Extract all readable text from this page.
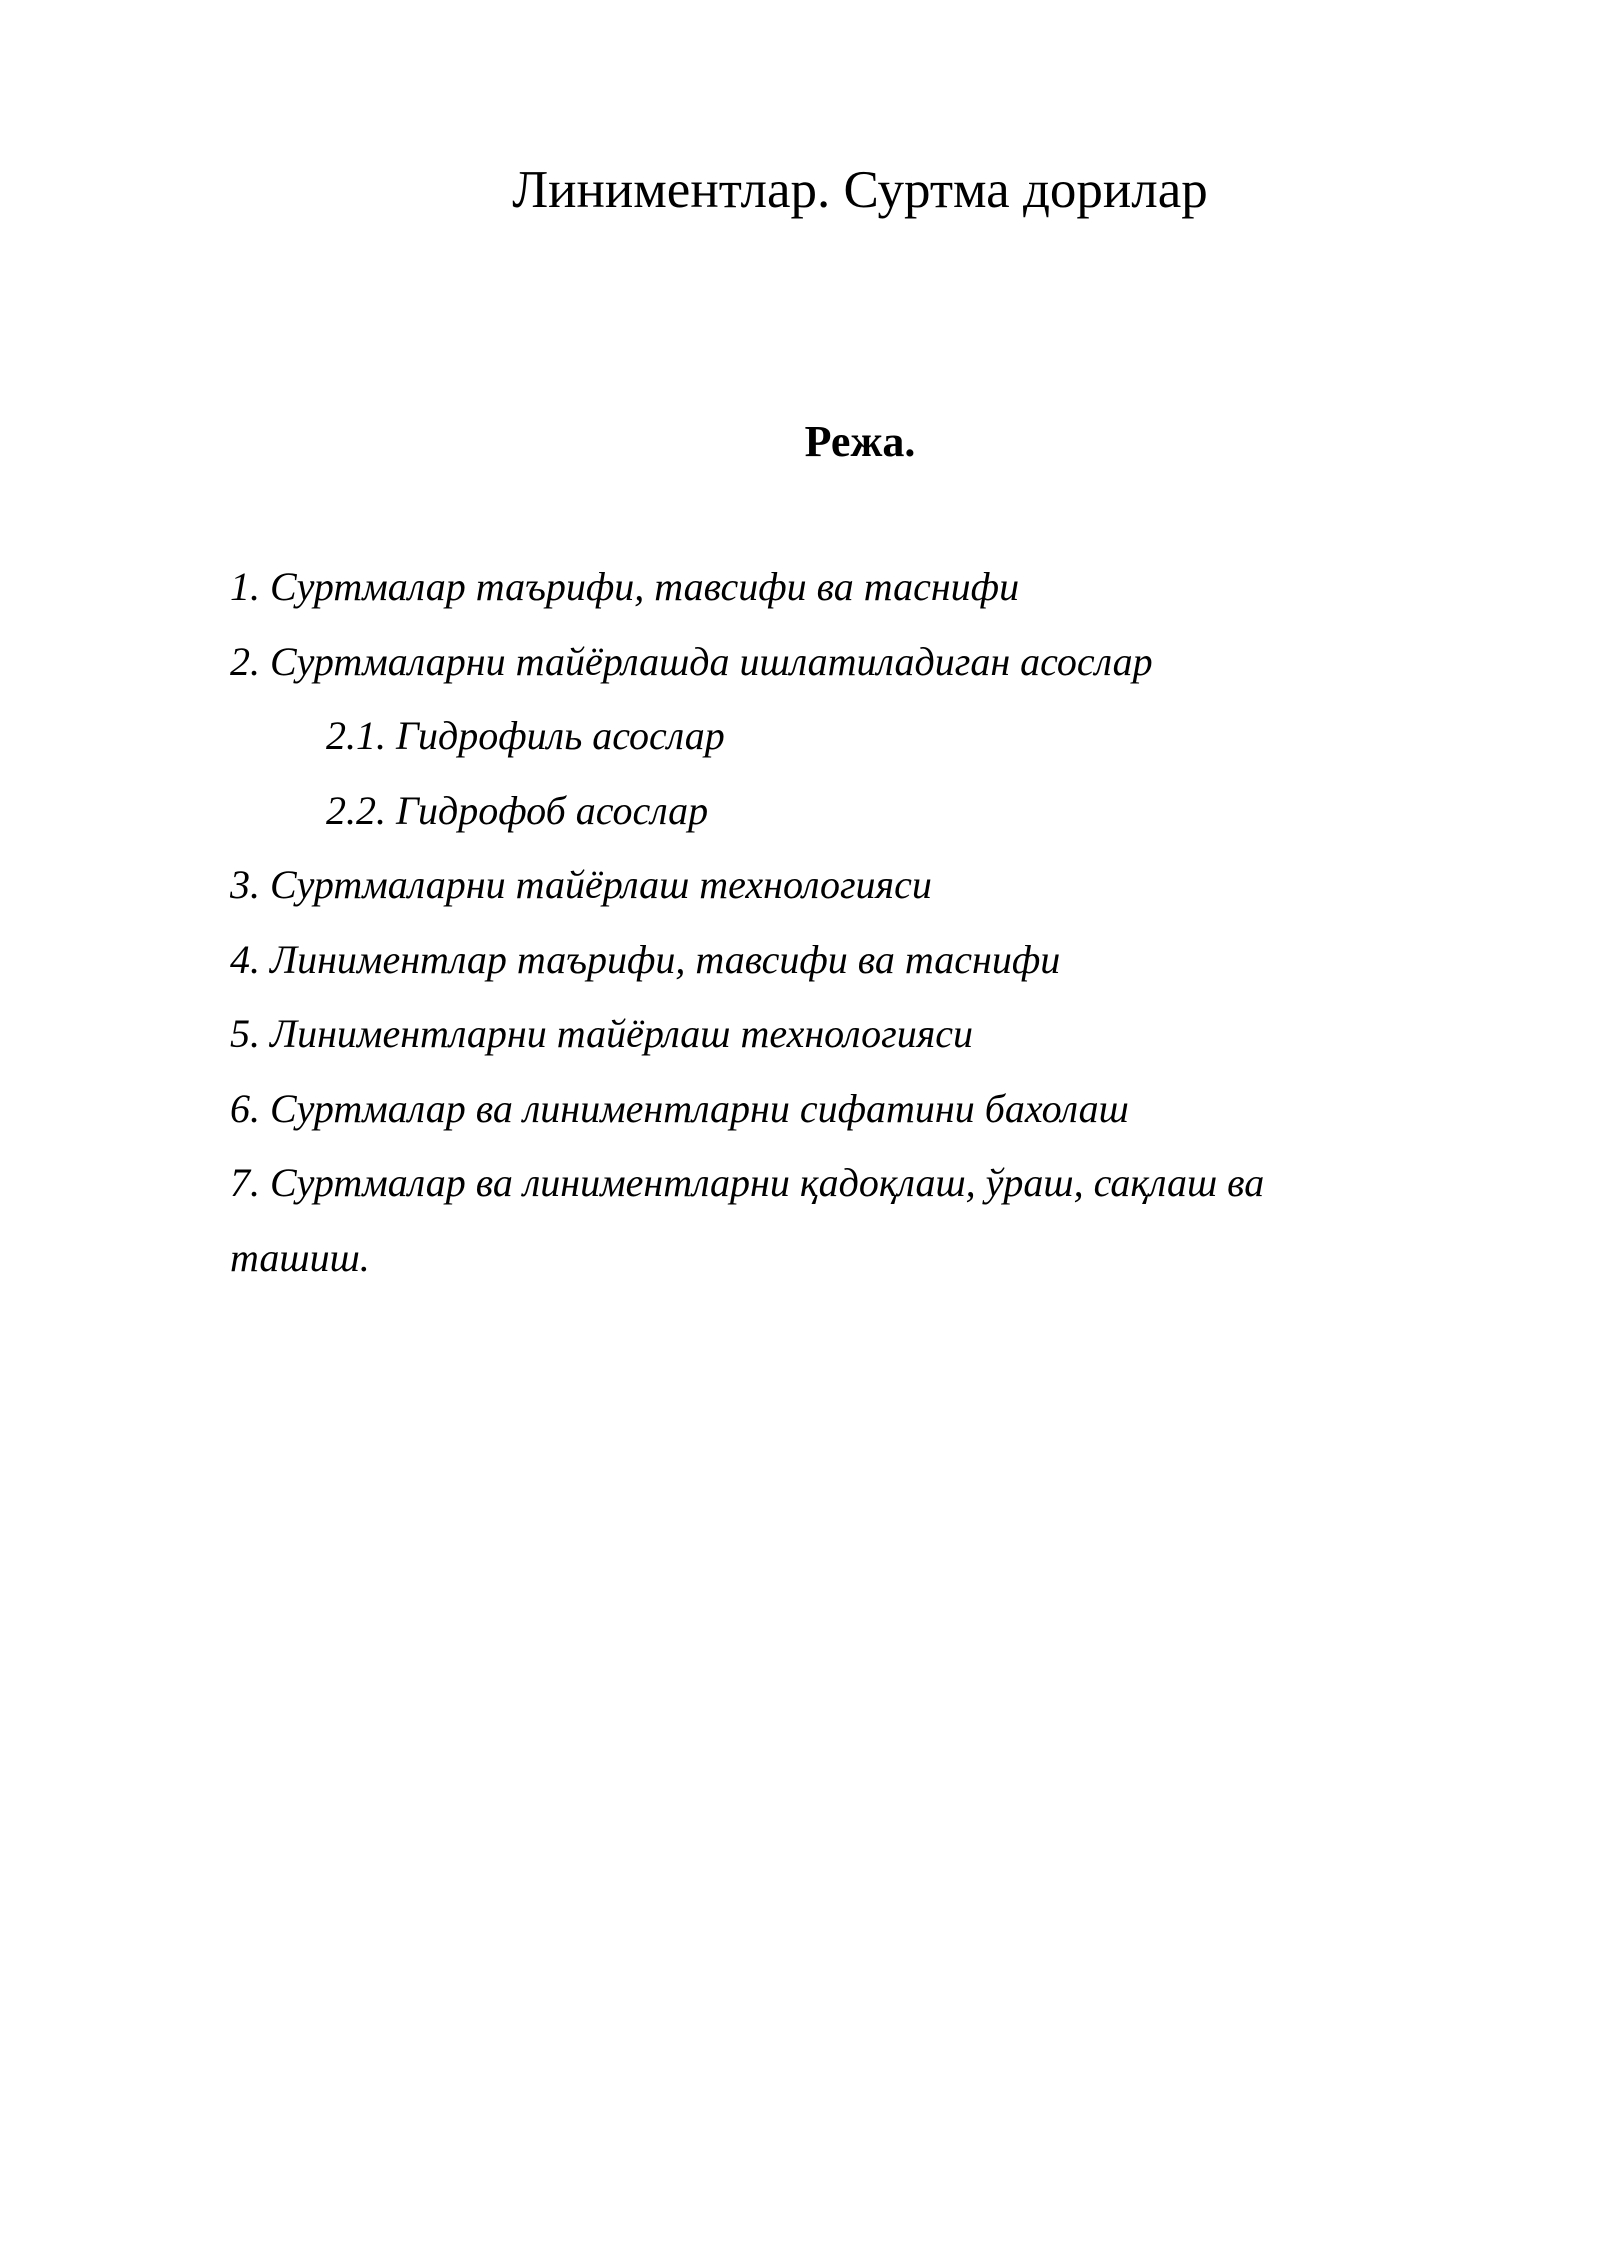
Линиментлар. Суртма дорилар
Режа.
1. Суртмалар таърифи, тавсифи ва таснифи
2. Суртмаларни тайёрлашда ишлатиладиган асослар
2.1. Гидрофиль асослар
2.2. Гидрофоб асослар
3. Суртмаларни тайёрлаш технологияси
4. Линиментлар таърифи, тавсифи ва таснифи
5. Линиментларни тайёрлаш технологияси
6. Суртмалар ва линиментларни сифатини бахолаш
7. Суртмалар ва линиментларни қадоқлаш, ўраш, сақлаш ва ташиш.
